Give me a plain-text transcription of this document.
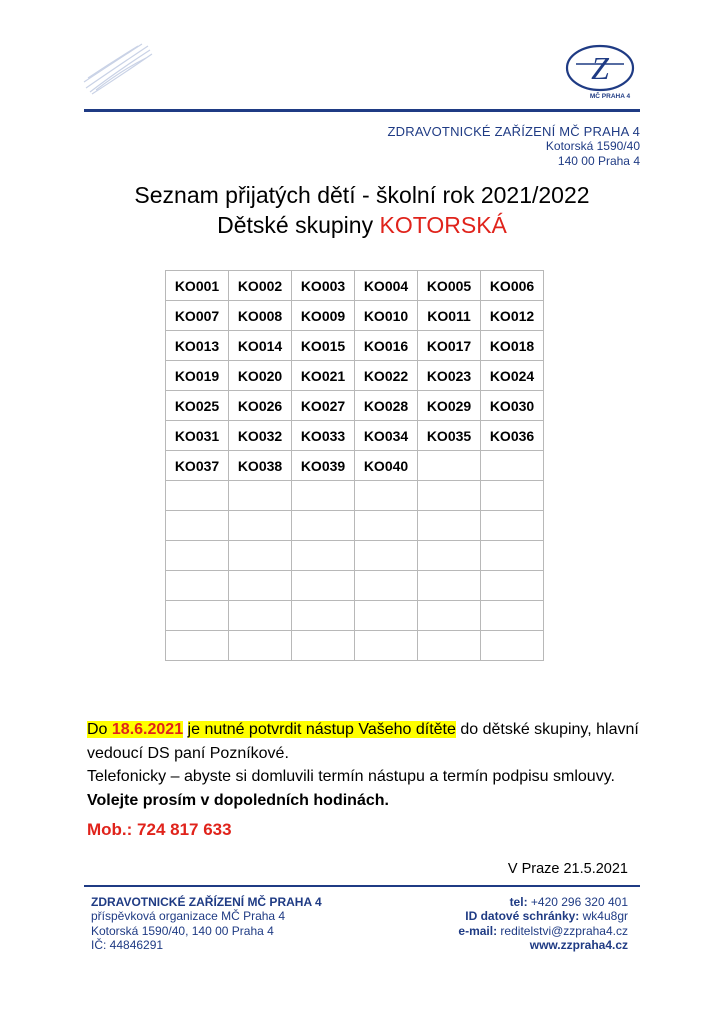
Z
MČ PRAHA 4
ZDRAVOTNICKÉ ZAŘÍZENÍ MČ PRAHA 4
Kotorská 1590/40
140 00 Praha 4
Seznam přijatých dětí - školní rok 2021/2022
Dětské skupiny KOTORSKÁ
KO001	KO002	KO003	KO004	KO005	KO006
KO007	KO008	KO009	KO010	KO011	KO012
KO013	KO014	KO015	KO016	KO017	KO018
KO019	KO020	KO021	KO022	KO023	KO024
KO025	KO026	KO027	KO028	KO029	KO030
KO031	KO032	KO033	KO034	KO035	KO036
KO037	KO038	KO039	KO040		

Do 18.6.2021 je nutné potvrdit nástup Vašeho dítěte do dětské skupiny, hlavní vedoucí DS paní Pozníkové.
Telefonicky – abyste si domluvili termín nástupu a termín podpisu smlouvy. Volejte prosím v dopoledních hodinách.
Mob.: 724 817 633
V Praze 21.5.2021
ZDRAVOTNICKÉ ZAŘÍZENÍ MČ PRAHA 4
příspěvková organizace MČ Praha 4
Kotorská 1590/40, 140 00 Praha 4
IČ: 44846291
tel: +420 296 320 401
ID datové schránky: wk4u8gr
e-mail: reditelstvi@zzpraha4.cz
www.zzpraha4.cz
